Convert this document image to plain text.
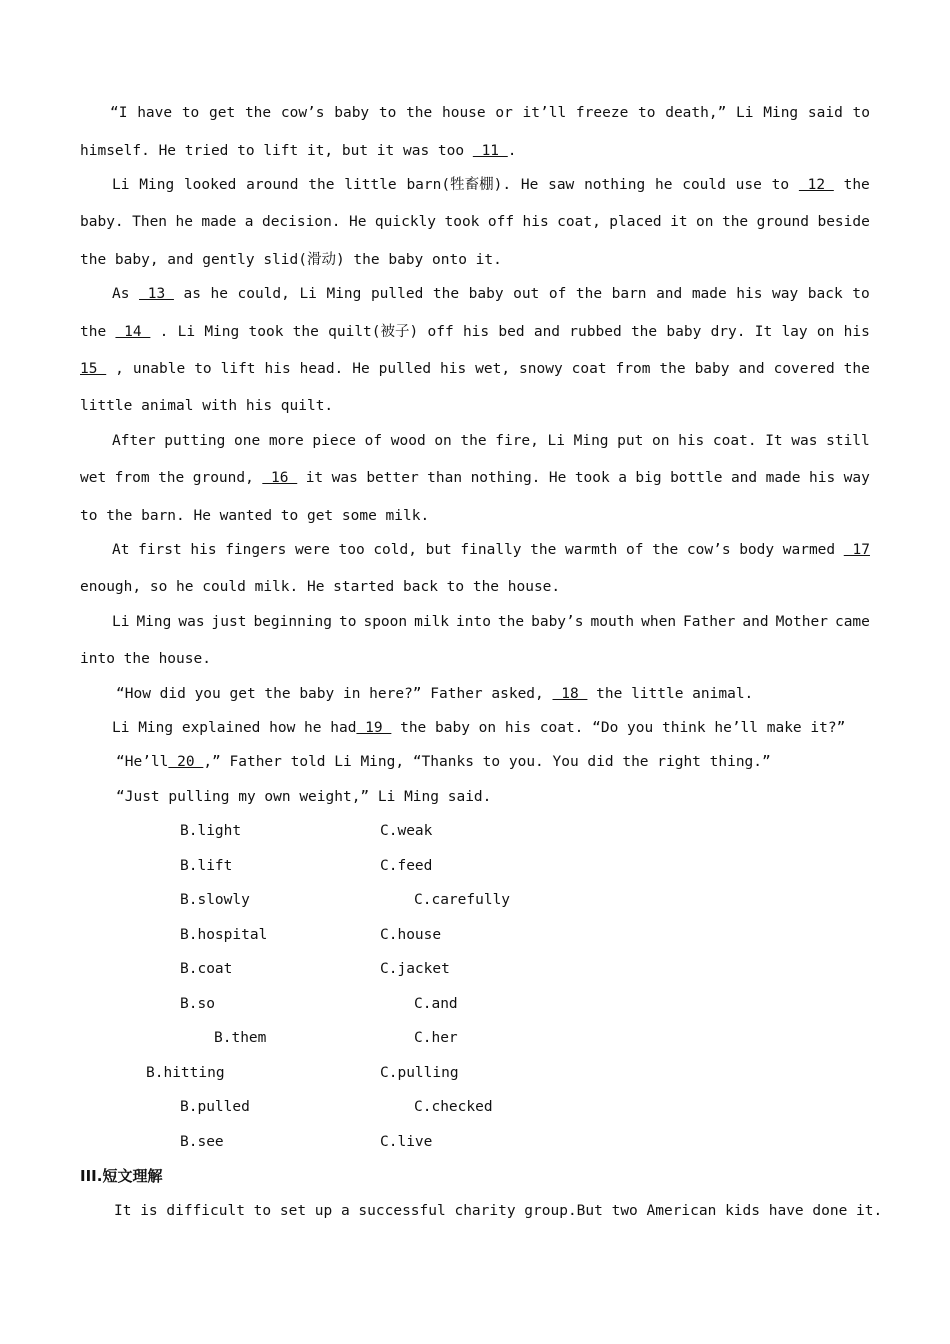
“I have to get the cow’s baby to the house or it’ll freeze to death,” Li Ming said to
himself. He tried to lift it, but it was too  11 .
Li Ming looked around the little barn(牲畜棚). He saw nothing he could use to 12 the
baby. Then he made a decision. He quickly took off his coat, placed it on the ground beside
the baby, and gently slid(滑动) the baby onto it.
As 13 as he could, Li Ming pulled the baby out of the barn and made his way back to
the 14 . Li Ming took the quilt(被子) off his bed and rubbed the baby dry. It lay on his
15 , unable to lift his head. He pulled his wet, snowy coat from the baby and covered the
little animal with his quilt.
After putting one more piece of wood on the fire, Li Ming put on his coat. It was still
wet from the ground, 16 it was better than nothing. He took a big bottle and made his way
to the barn. He wanted to get some milk.
At first his fingers were too cold, but finally the warmth of the cow’s body warmed 17
enough, so he could milk. He started back to the house.
Li Ming was just beginning to spoon milk into the baby’s mouth when Father and Mother came
into the house.
“How did you get the baby in here?” Father asked,  18  the little animal.
Li Ming explained how he had 19  the baby on his coat. “Do you think he’ll make it?”
“He’ll 20 ,” Father told Li Ming, “Thanks to you. You did the right thing.”
“Just pulling my own weight,” Li Ming said.
B.light	C.weak
B.lift	C.feed
B.slowly	C.carefully
B.hospital	C.house
B.coat	C.jacket
B.so	C.and
B.them	C.her
B.hitting	C.pulling
B.pulled	C.checked
B.see	C.live
III.短文理解
It is difficult to set up a successful charity group.But two American kids have done it.
